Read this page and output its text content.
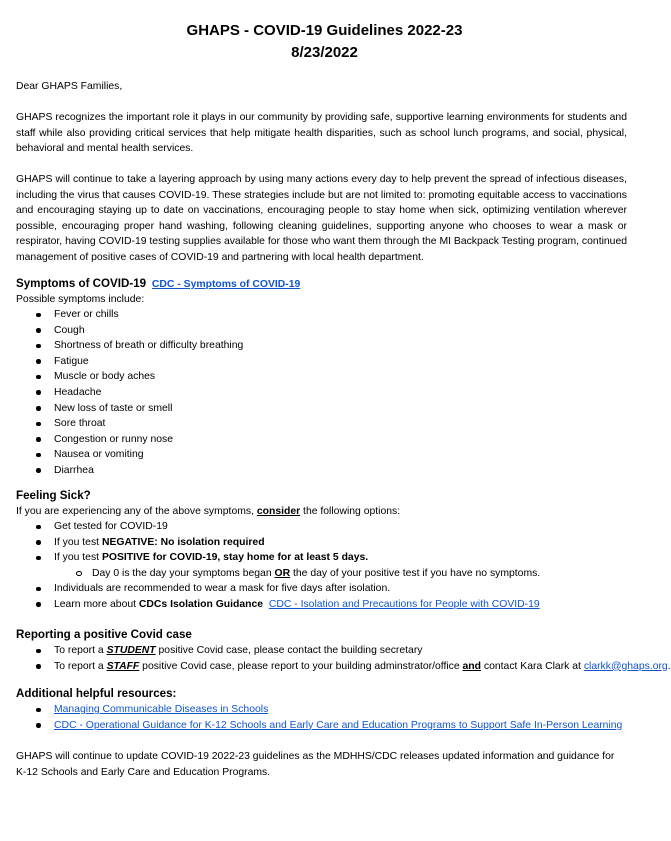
GHAPS - COVID-19 Guidelines 2022-23
8/23/2022
Dear GHAPS Families,
GHAPS recognizes the important role it plays in our community by providing safe, supportive learning environments for students and staff while also providing critical services that help mitigate health disparities, such as school lunch programs, and social, physical, behavioral and mental health services.
GHAPS will continue to take a layering approach by using many actions every day to help prevent the spread of infectious diseases, including the virus that causes COVID-19. These strategies include but are not limited to: promoting equitable access to vaccinations and encouraging staying up to date on vaccinations, encouraging people to stay home when sick, optimizing ventilation wherever possible, encouraging proper hand washing, following cleaning guidelines, supporting anyone who chooses to wear a mask or respirator, having COVID-19 testing supplies available for those who want them through the MI Backpack Testing program, continued management of positive cases of COVID-19 and partnering with local health department.
Symptoms of COVID-19 CDC - Symptoms of COVID-19
Possible symptoms include:
Fever or chills
Cough
Shortness of breath or difficulty breathing
Fatigue
Muscle or body aches
Headache
New loss of taste or smell
Sore throat
Congestion or runny nose
Nausea or vomiting
Diarrhea
Feeling Sick?
If you are experiencing any of the above symptoms, consider the following options:
Get tested for COVID-19
If you test NEGATIVE: No isolation required
If you test POSITIVE for COVID-19, stay home for at least 5 days.
Day 0 is the day your symptoms began OR the day of your positive test if you have no symptoms.
Individuals are recommended to wear a mask for five days after isolation.
Learn more about CDCs Isolation Guidance CDC - Isolation and Precautions for People with COVID-19
Reporting a positive Covid case
To report a STUDENT positive Covid case, please contact the building secretary
To report a STAFF positive Covid case, please report to your building adminstrator/office and contact Kara Clark at clarkk@ghaps.org.
Additional helpful resources:
Managing Communicable Diseases in Schools
CDC - Operational Guidance for K-12 Schools and Early Care and Education Programs to Support Safe In-Person Learning
GHAPS will continue to update COVID-19 2022-23 guidelines as the MDHHS/CDC releases updated information and guidance for K-12 Schools and Early Care and Education Programs.
